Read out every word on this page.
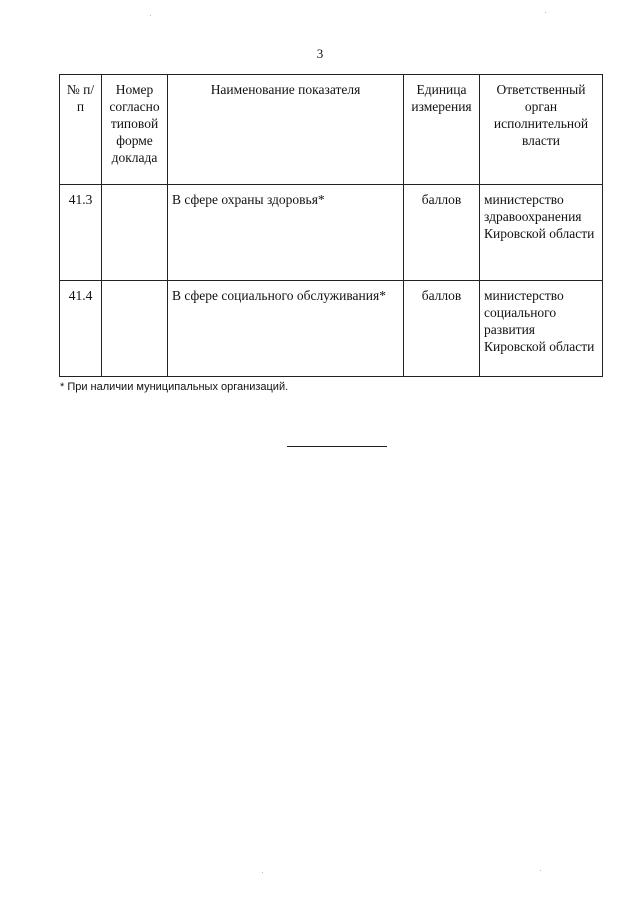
3
№ п/п	Номер согласно типовой форме доклада	Наименование показателя	Единица измерения	Ответственный орган исполнительной власти
41.3		В сфере охраны здоровья*	баллов	министерство здравоохранения Кировской области
41.4		В сфере социального обслуживания*	баллов	министерство социального развития Кировской области
* При наличии муниципальных организаций.
